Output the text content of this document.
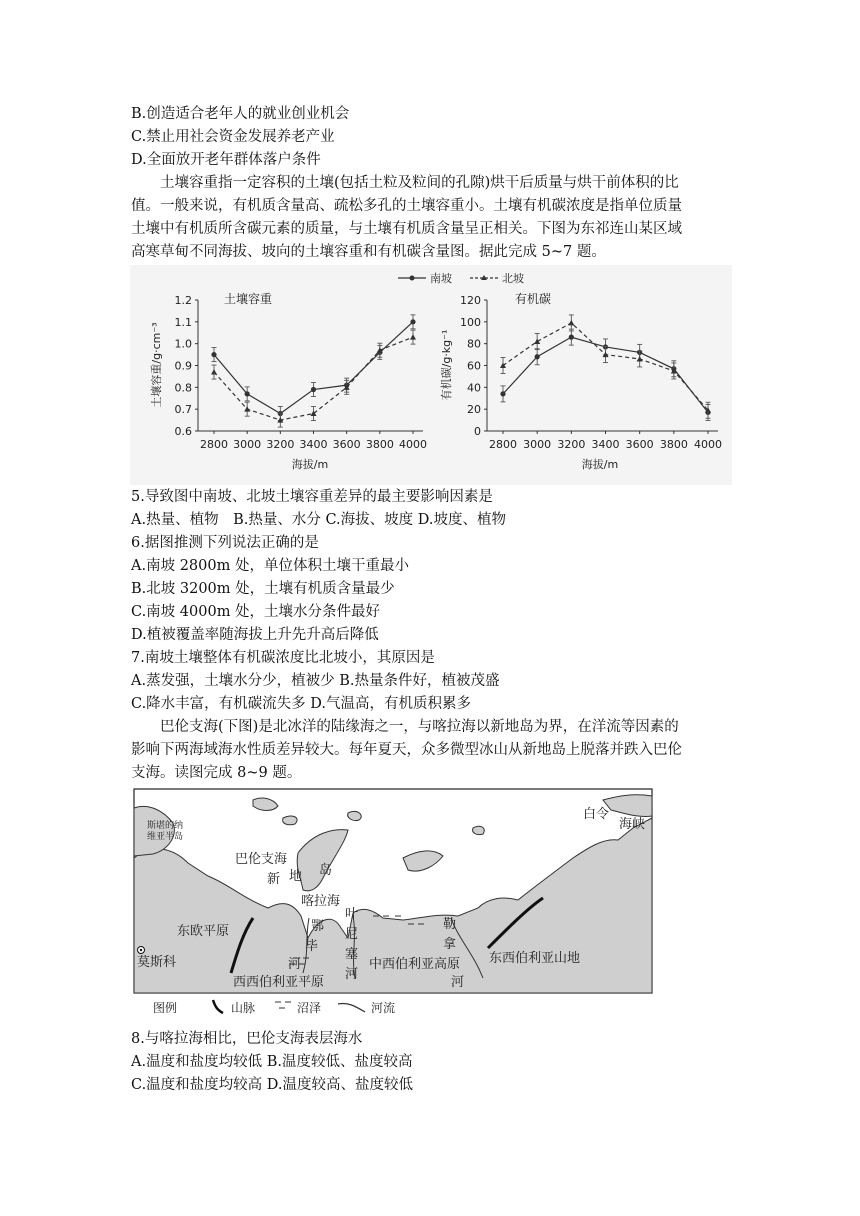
B.创造适合老年人的就业创业机会
C.禁止用社会资金发展养老产业
D.全面放开老年群体落户条件
土壤容重指一定容积的土壤(包括土粒及粒间的孔隙)烘干后质量与烘干前体积的比
值。一般来说，有机质含量高、疏松多孔的土壤容重小。土壤有机碳浓度是指单位质量
土壤中有机质所含碳元素的质量，与土壤有机质含量呈正相关。下图为东祁连山某区域
高寒草甸不同海拔、坡向的土壤容重和有机碳含量图。据此完成 5~7 题。
南坡	北坡
土壤容重
土壤容重/g·cm⁻³
海拔/m
0.6
0.7
0.8
0.9
1.0
1.1
1.2
2800 3000 3200 3400 3600 3800 4000
有机碳
有机碳/g·kg⁻¹
海拔/m
0
20
40
60
80
100
120
2800 3000 3200 3400 3600 3800 4000
5.导致图中南坡、北坡土壤容重差异的最主要影响因素是
A.热量、植物　B.热量、水分 C.海拔、坡度 D.坡度、植物
6.据图推测下列说法正确的是
A.南坡 2800m 处，单位体积土壤干重最小
B.北坡 3200m 处，土壤有机质含量最少
C.南坡 4000m 处，土壤水分条件最好
D.植被覆盖率随海拔上升先升高后降低
7.南坡土壤整体有机碳浓度比北坡小，其原因是
A.蒸发强，土壤水分少，植被少 B.热量条件好，植被茂盛
C.降水丰富，有机碳流失多 D.气温高，有机质积累多
巴伦支海(下图)是北冰洋的陆缘海之一，与喀拉海以新地岛为界，在洋流等因素的
影响下两海域海水性质差异较大。每年夏天，众多微型冰山从新地岛上脱落并跌入巴伦
支海。读图完成 8~9 题。
斯堪的纳
维亚半岛
巴伦支海
岛
新 地
喀拉海
东欧平原
莫斯科
鄂
毕
河
叶
尼
塞
河
勒
拿
河
西西伯利亚平原
中西伯利亚高原 东西伯利亚山地
白令
海峡
图例	山脉	沼泽	河流
8.与喀拉海相比，巴伦支海表层海水
A.温度和盐度均较低 B.温度较低、盐度较高
C.温度和盐度均较高 D.温度较高、盐度较低
